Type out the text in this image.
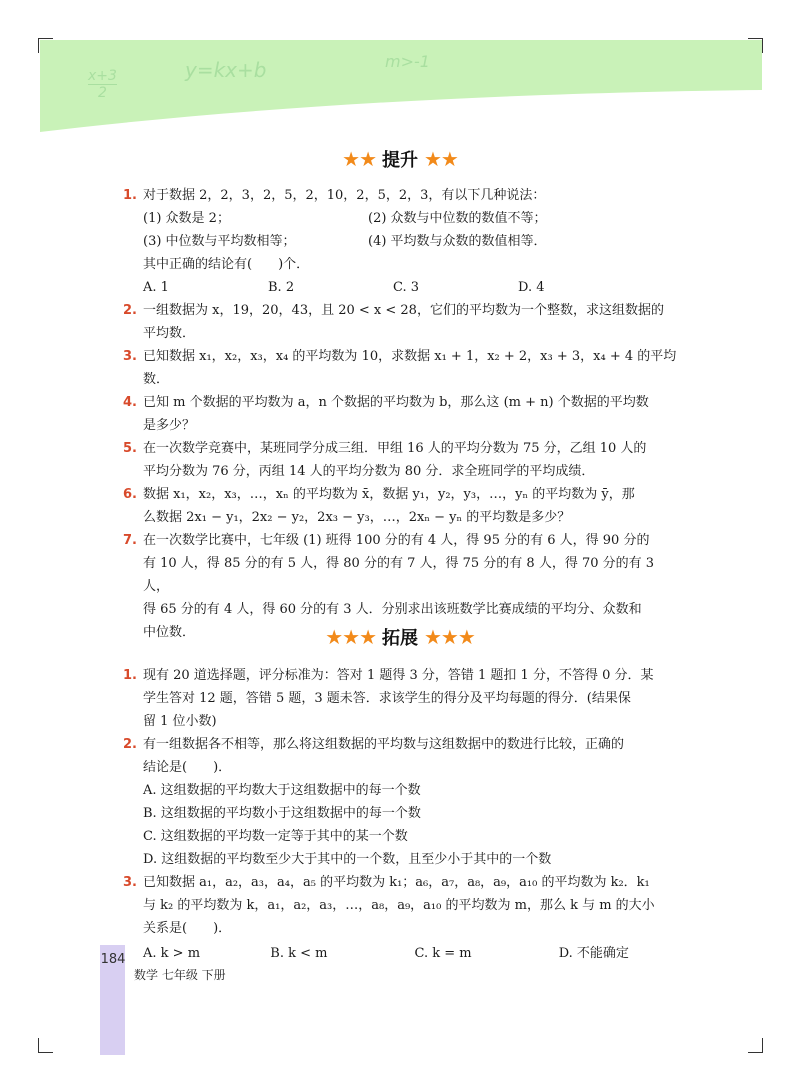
x+3
2
y=kx+b	m>-1
★★ 提升 ★★
1. 对于数据 2，2，3，2，5，2，10，2，5，2，3，有以下几种说法：
(1) 众数是 2；	(2) 众数与中位数的数值不等；
(3) 中位数与平均数相等；	(4) 平均数与众数的数值相等．
其中正确的结论有(　　)个．
A. 1	B. 2	C. 3	D. 4
2. 一组数据为 x，19，20，43，且 20 < x < 28，它们的平均数为一个整数，求这组数据的
平均数．
3. 已知数据 x₁，x₂，x₃，x₄ 的平均数为 10，求数据 x₁ + 1，x₂ + 2，x₃ + 3，x₄ + 4 的平均数．
4. 已知 m 个数据的平均数为 a，n 个数据的平均数为 b，那么这 (m + n) 个数据的平均数
是多少？
5. 在一次数学竞赛中，某班同学分成三组．甲组 16 人的平均分数为 75 分，乙组 10 人的
平均分数为 76 分，丙组 14 人的平均分数为 80 分．求全班同学的平均成绩．
6. 数据 x₁，x₂，x₃，…，xₙ 的平均数为 x̄，数据 y₁，y₂，y₃，…，yₙ 的平均数为 ȳ，那
么数据 2x₁ − y₁，2x₂ − y₂，2x₃ − y₃，…，2xₙ − yₙ 的平均数是多少？
7. 在一次数学比赛中，七年级 (1) 班得 100 分的有 4 人，得 95 分的有 6 人，得 90 分的
有 10 人，得 85 分的有 5 人，得 80 分的有 7 人，得 75 分的有 8 人，得 70 分的有 3 人，
得 65 分的有 4 人，得 60 分的有 3 人．分别求出该班数学比赛成绩的平均分、众数和
中位数．	★★★ 拓展 ★★★
1. 现有 20 道选择题，评分标准为：答对 1 题得 3 分，答错 1 题扣 1 分，不答得 0 分．某
学生答对 12 题，答错 5 题，3 题未答．求该学生的得分及平均每题的得分．(结果保
留 1 位小数)
2. 有一组数据各不相等，那么将这组数据的平均数与这组数据中的数进行比较，正确的
结论是(　　)．
A. 这组数据的平均数大于这组数据中的每一个数
B. 这组数据的平均数小于这组数据中的每一个数
C. 这组数据的平均数一定等于其中的某一个数
D. 这组数据的平均数至少大于其中的一个数，且至少小于其中的一个数
3. 已知数据 a₁，a₂，a₃，a₄，a₅ 的平均数为 k₁；a₆，a₇，a₈，a₉，a₁₀ 的平均数为 k₂．k₁
与 k₂ 的平均数为 k，a₁，a₂，a₃，…，a₈，a₉，a₁₀ 的平均数为 m，那么 k 与 m 的大小
关系是(　　)．
A. k > m	B. k < m	C. k = m	D. 不能确定
184
数学 七年级 下册
